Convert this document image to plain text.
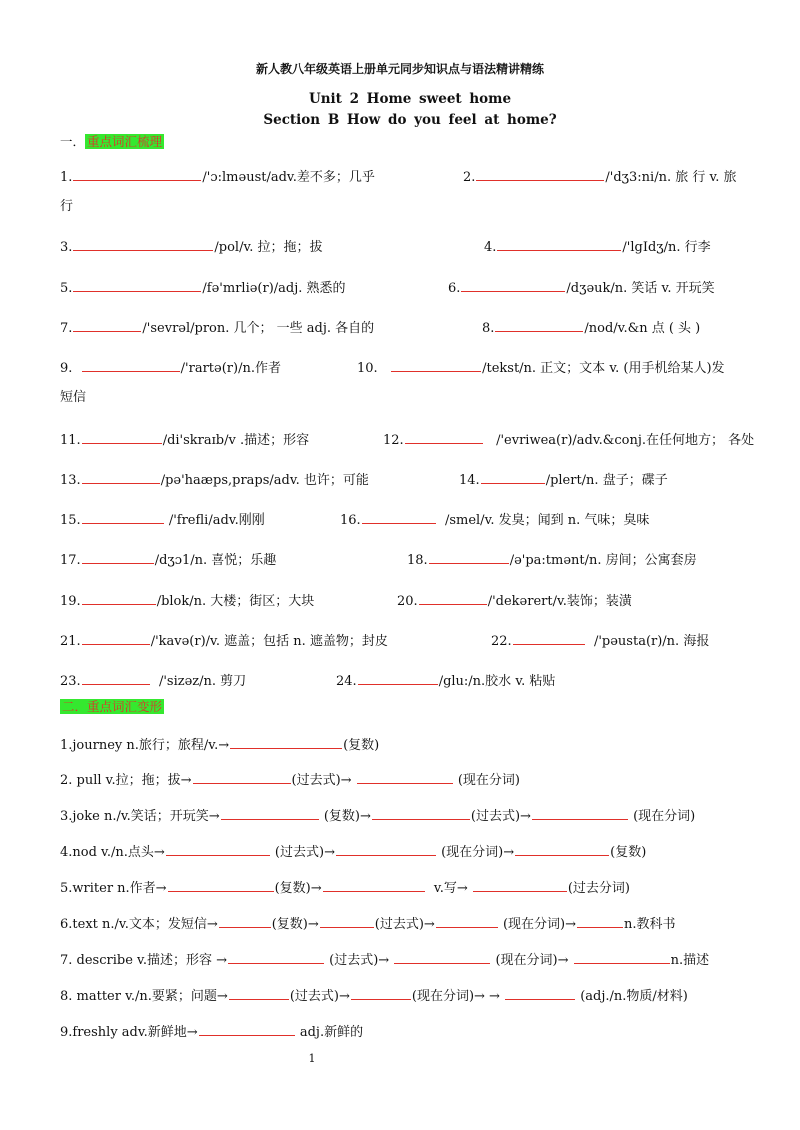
新人教八年级英语上册单元同步知识点与语法精讲精练
Unit 2 Home sweet home
Section B How do you feel at home?
一． 重点词汇梳理
1.	/'ɔ:lməust/adv.差不多；几乎	2.	/'dʒ3:ni/n. 旅 行 v. 旅
行
3.	/pol/v. 拉；拖；拔	4.	/'lgIdʒ/n. 行李
5.	/fə'mrliə(r)/adj. 熟悉的	6.	/dʒəuk/n. 笑话 v. 开玩笑
7.	/'sevrəl/pron. 几个； 一些 adj. 各自的	8.	/nod/v.&n 点 ( 头 )
9.	/'rartə(r)/n.作者	10.	/tekst/n. 正文；文本 v. (用手机给某人)发
短信
11.	/di'skraɪb/v .描述；形容	12.	/'evriwea(r)/adv.&conj.在任何地方； 各处
13.	/pə'haæps,praps/adv. 也许；可能	14.	/plert/n. 盘子；碟子
15.	/'frefli/adv.刚刚	16.	/smel/v. 发臭；闻到 n. 气味；臭味
17.	/dʒɔ1/n. 喜悦；乐趣	18.	/ə'pa:tmənt/n. 房间；公寓套房
19.	/blok/n. 大楼；街区；大块	20.	/'dekərert/v.装饰；装潢
21.	/'kavə(r)/v. 遮盖；包括 n. 遮盖物；封皮	22.	/'pəusta(r)/n. 海报
23.	/'sizəz/n. 剪刀	24.	/glu:/n.胶水 v. 粘贴
二．重点词汇变形
1.journey n.旅行；旅程/v.→	(复数)
2. pull v.拉；拖；拔→	(过去式)→	(现在分词)
3.joke n./v.笑话；开玩笑→	(复数)→	(过去式)→	(现在分词)
4.nod v./n.点头→	(过去式)→	(现在分词)→	(复数)
5.writer n.作者→	(复数)→	v.写→	(过去分词)
6.text n./v.文本；发短信→	(复数)→	(过去式)→	(现在分词)→	n.教科书
7. describe v.描述；形容 →	(过去式)→	(现在分词)→	n.描述
8. matter v./n.要紧；问题→	(过去式)→	(现在分词)→ →	(adj./n.物质/材料)
9.freshly adv.新鲜地→	adj.新鲜的
1
